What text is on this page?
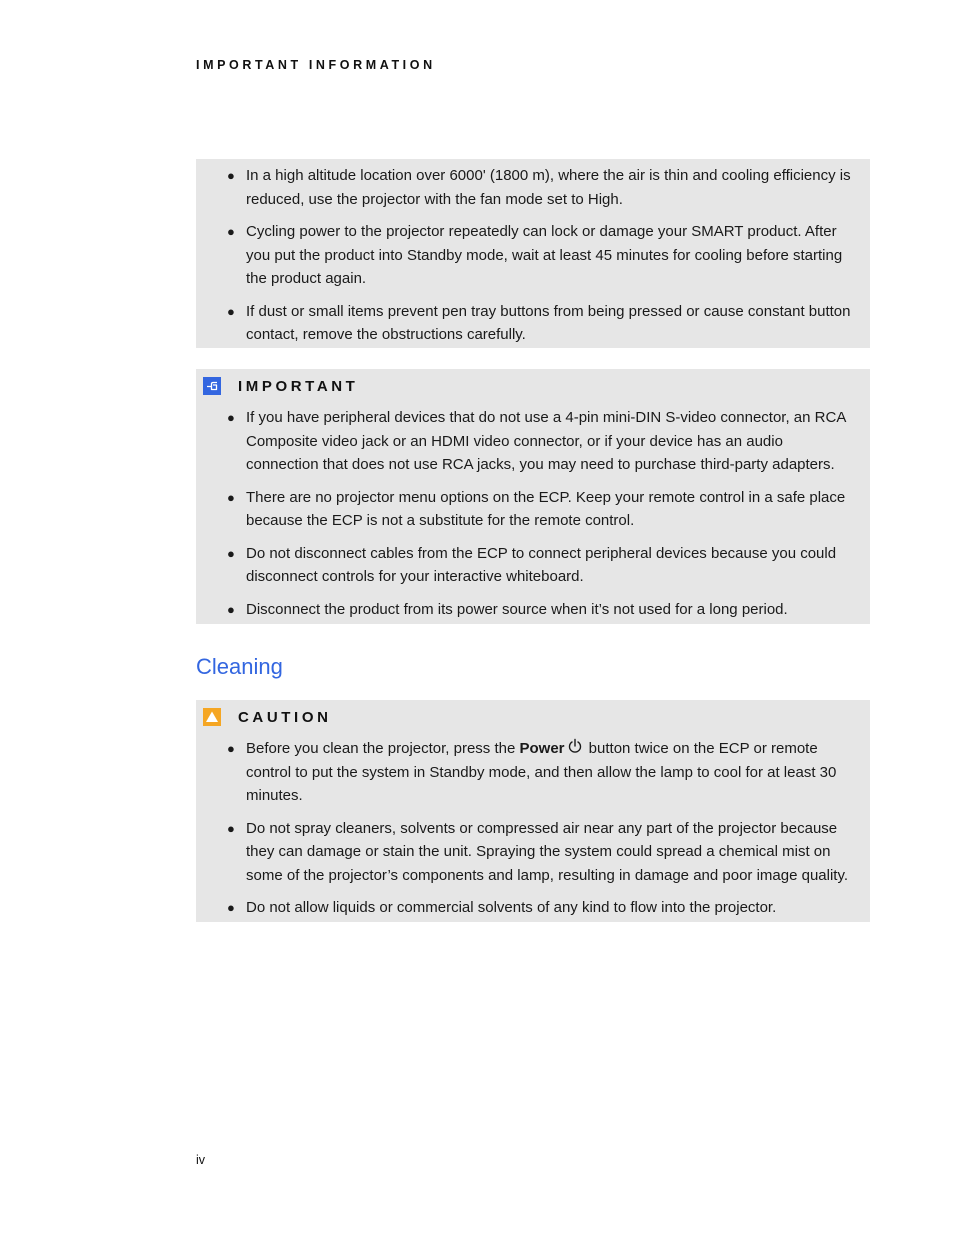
IMPORTANT INFORMATION
● In a high altitude location over 6000' (1800 m), where the air is thin and cooling efficiency is reduced, use the projector with the fan mode set to High.
● Cycling power to the projector repeatedly can lock or damage your SMART product. After you put the product into Standby mode, wait at least 45 minutes for cooling before starting the product again.
● If dust or small items prevent pen tray buttons from being pressed or cause constant button contact, remove the obstructions carefully.
IMPORTANT
● If you have peripheral devices that do not use a 4-pin mini-DIN S-video connector, an RCA Composite video jack or an HDMI video connector, or if your device has an audio connection that does not use RCA jacks, you may need to purchase third-party adapters.
● There are no projector menu options on the ECP. Keep your remote control in a safe place because the ECP is not a substitute for the remote control.
● Do not disconnect cables from the ECP to connect peripheral devices because you could disconnect controls for your interactive whiteboard.
● Disconnect the product from its power source when it’s not used for a long period.
Cleaning
CAUTION
● Before you clean the projector, press the Power button twice on the ECP or remote control to put the system in Standby mode, and then allow the lamp to cool for at least 30 minutes.
● Do not spray cleaners, solvents or compressed air near any part of the projector because they can damage or stain the unit. Spraying the system could spread a chemical mist on some of the projector’s components and lamp, resulting in damage and poor image quality.
● Do not allow liquids or commercial solvents of any kind to flow into the projector.
iv
